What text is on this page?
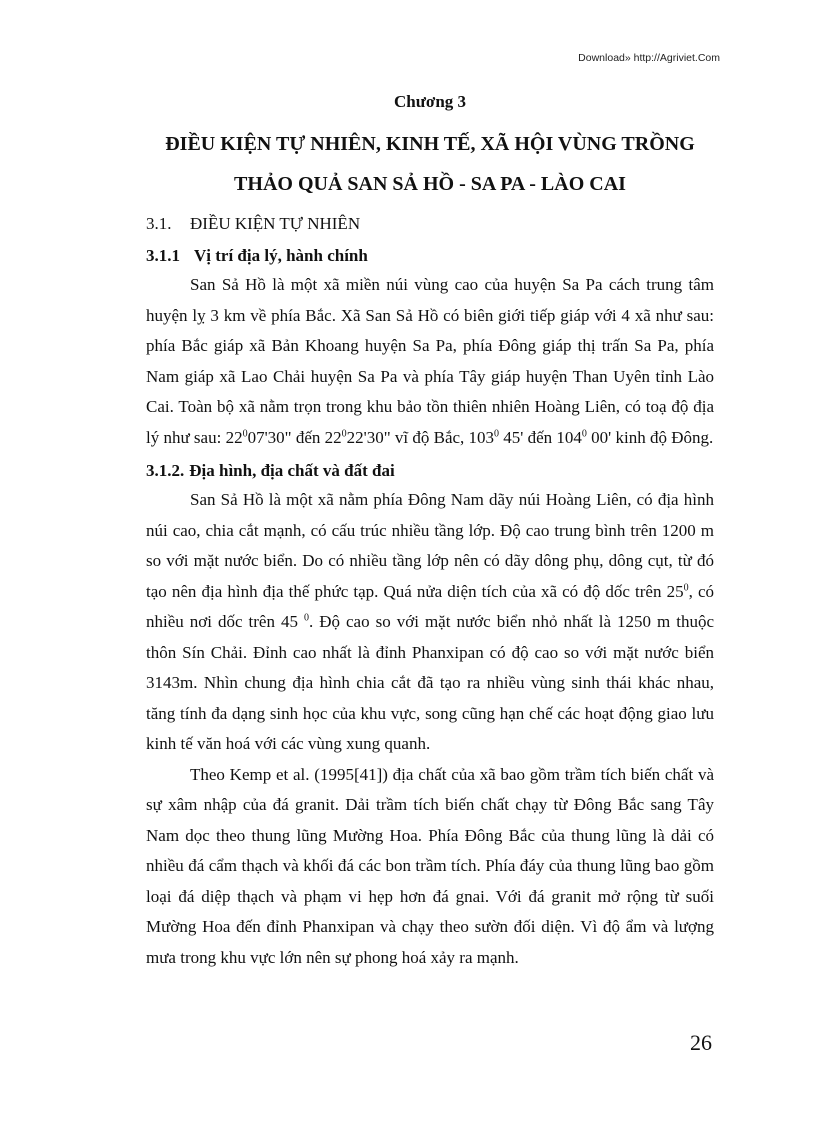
Download» http://Agriviet.Com
Chương 3
ĐIỀU KIỆN TỰ NHIÊN, KINH TẾ, XÃ HỘI VÙNG TRỒNG
THẢO QUẢ SAN SẢ HỒ - SA PA - LÀO CAI
3.1. ĐIỀU KIỆN TỰ NHIÊN
3.1.1 Vị trí địa lý, hành chính

San Sả Hồ là một xã miền núi vùng cao của huyện Sa Pa cách trung tâm huyện lỵ 3 km về phía Bắc. Xã San Sả Hồ có biên giới tiếp giáp với 4 xã như sau: phía Bắc giáp xã Bản Khoang huyện Sa Pa, phía Đông giáp thị trấn Sa Pa, phía Nam giáp xã Lao Chải huyện Sa Pa và phía Tây giáp huyện Than Uyên tỉnh Lào Cai. Toàn bộ xã nằm trọn trong khu bảo tồn thiên nhiên Hoàng Liên, có toạ độ địa lý như sau: $22^007'30$" đến $22^022'30$" vĩ độ Bắc, $103^0$ 45' đến $104^0$ 00' kinh độ Đông.

3.1.2. Địa hình, địa chất và đất đai

San Sả Hồ là một xã nằm phía Đông Nam dãy núi Hoàng Liên, có địa hình núi cao, chia cắt mạnh, có cấu trúc nhiều tầng lớp. Độ cao trung bình trên 1200 m so với mặt nước biển. Do có nhiều tầng lớp nên có dãy dông phụ, dông cụt, từ đó tạo nên địa hình địa thế phức tạp. Quá nửa diện tích của xã có độ dốc trên $25^0$, có nhiều nơi dốc trên 45 $^0$. Độ cao so với mặt nước biển nhỏ nhất là 1250 m thuộc thôn Sín Chải. Đỉnh cao nhất là đỉnh Phanxipan có độ cao so với mặt nước biển 3143m. Nhìn chung địa hình chia cắt đã tạo ra nhiều vùng sinh thái khác nhau, tăng tính đa dạng sinh học của khu vực, song cũng hạn chế các hoạt động giao lưu kinh tế văn hoá với các vùng xung quanh.

Theo Kemp et al. (1995[41]) địa chất của xã bao gồm trầm tích biến chất và sự xâm nhập của đá granit. Dải trầm tích biến chất chạy từ Đông Bắc sang Tây Nam dọc theo thung lũng Mường Hoa. Phía Đông Bắc của thung lũng là dải có nhiều đá cẩm thạch và khối đá các bon trầm tích. Phía đáy của thung lũng bao gồm loại đá diệp thạch và phạm vi hẹp hơn đá gnai. Với đá granit mở rộng từ suối Mường Hoa đến đỉnh Phanxipan và chạy theo sườn đối diện. Vì độ ẩm và lượng mưa trong khu vực lớn nên sự phong hoá xảy ra mạnh.

26
